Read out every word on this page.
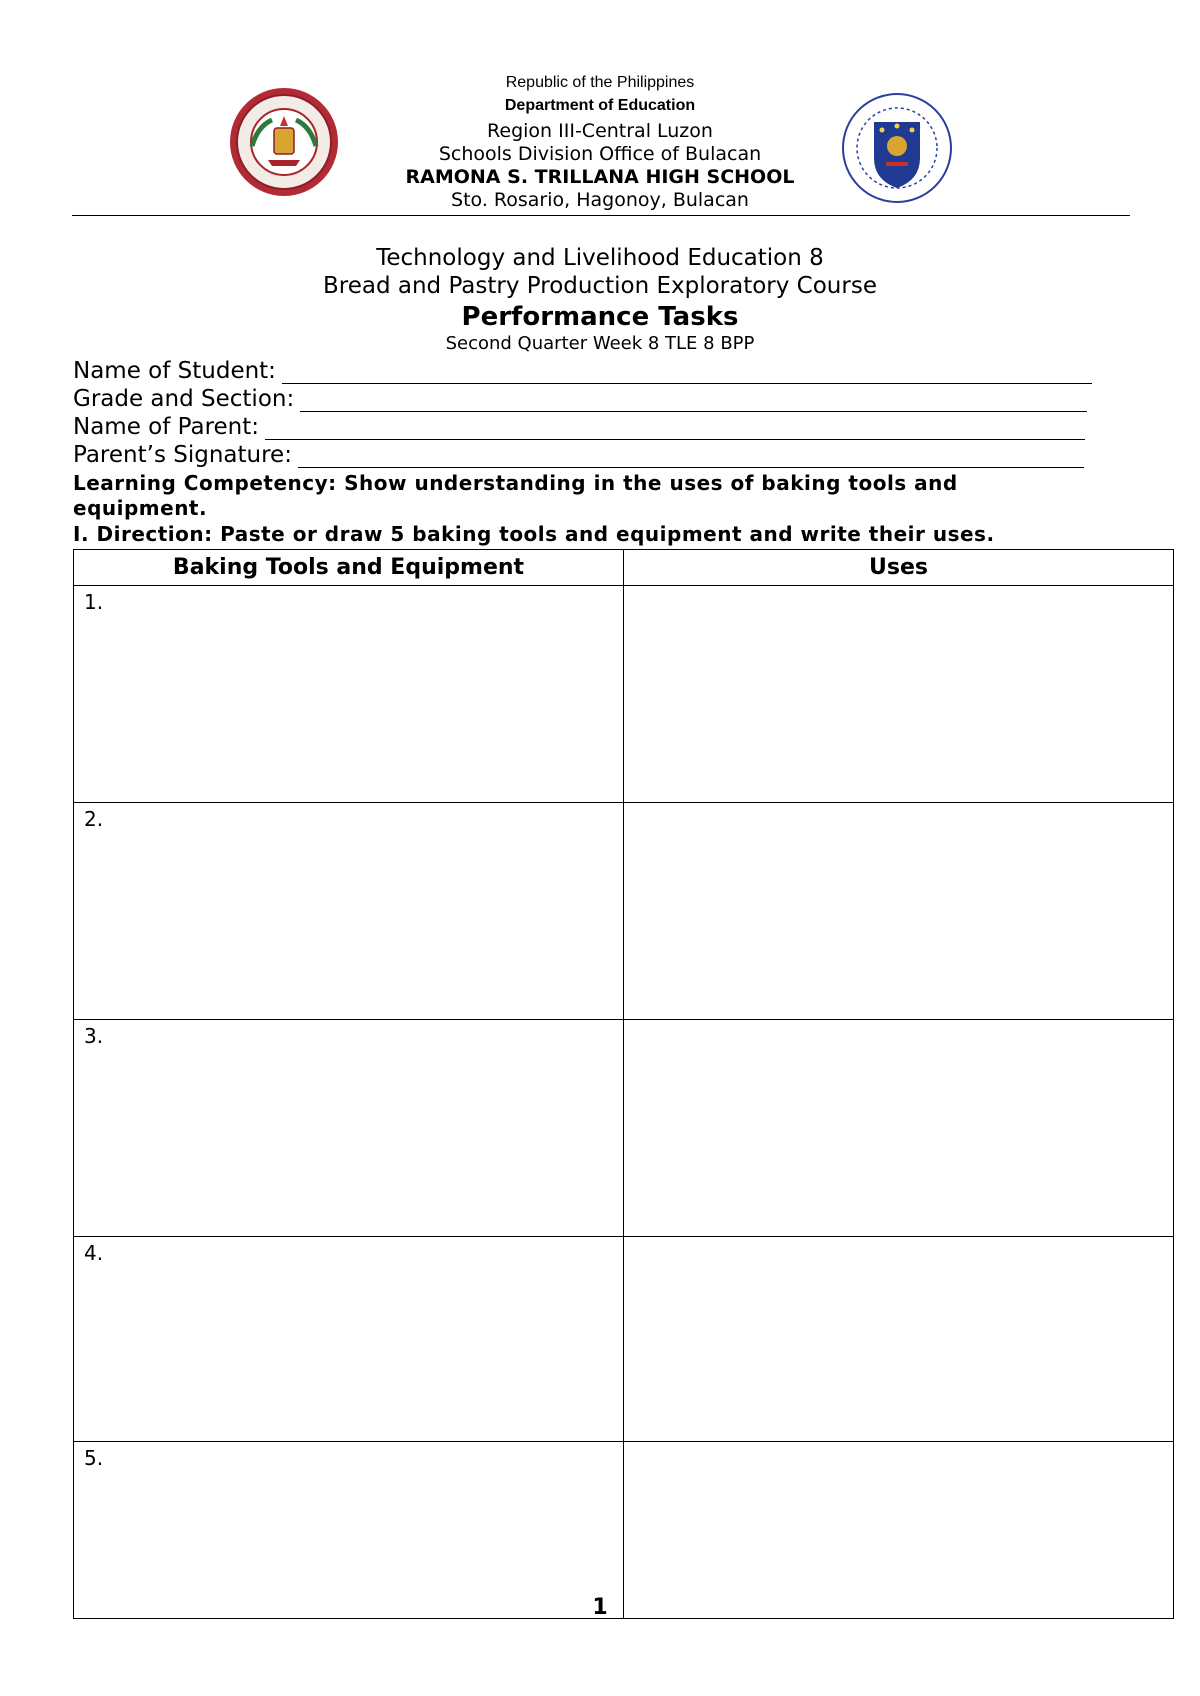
Republic of the Philippines
Department of Education
Region III-Central Luzon
Schools Division Office of Bulacan
RAMONA S. TRILLANA HIGH SCHOOL
Sto. Rosario, Hagonoy, Bulacan
Technology and Livelihood Education 8
Bread and Pastry Production Exploratory Course
Performance Tasks
Second Quarter Week 8 TLE 8 BPP
Name of Student:
Grade and Section:
Name of Parent:
Parent’s Signature:
Learning Competency: Show understanding in the uses of baking tools and equipment.
I. Direction: Paste or draw 5 baking tools and equipment and write their uses.
Baking Tools and Equipment	Uses
1.	
2.	
3.	
4.	
5.	
1
